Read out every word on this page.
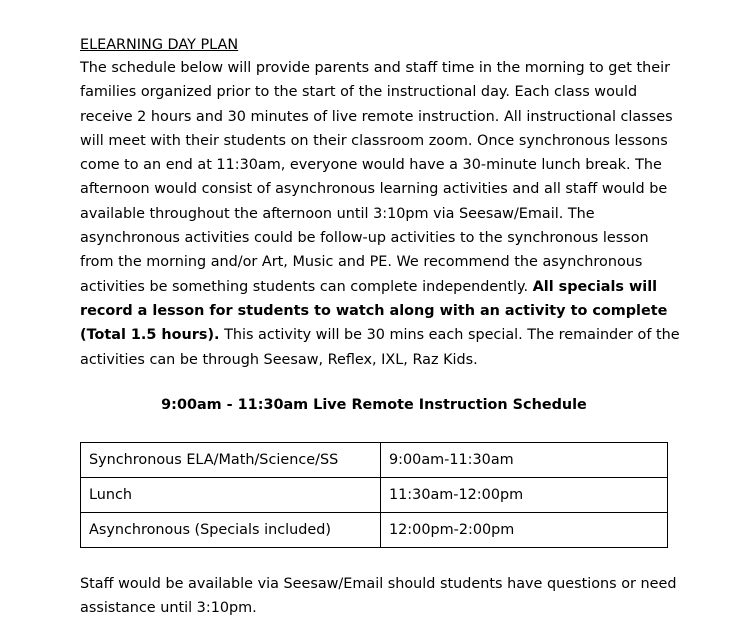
ELEARNING DAY PLAN

The schedule below will provide parents and staff time in the morning to get their families organized prior to the start of the instructional day. Each class would receive 2 hours and 30 minutes of live remote instruction. All instructional classes will meet with their students on their classroom zoom. Once synchronous lessons come to an end at 11:30am, everyone would have a 30-minute lunch break. The afternoon would consist of asynchronous learning activities and all staff would be available throughout the afternoon until 3:10pm via Seesaw/Email. The asynchronous activities could be follow-up activities to the synchronous lesson from the morning and/or Art, Music and PE. We recommend the asynchronous activities be something students can complete independently. All specials will record a lesson for students to watch along with an activity to complete (Total 1.5 hours). This activity will be 30 mins each special. The remainder of the activities can be through Seesaw, Reflex, IXL, Raz Kids.

9:00am - 11:30am Live Remote Instruction Schedule
Synchronous ELA/Math/Science/SS	9:00am-11:30am
Lunch	11:30am-12:00pm
Asynchronous (Specials included)	12:00pm-2:00pm

Staff would be available via Seesaw/Email should students have questions or need assistance until 3:10pm.
